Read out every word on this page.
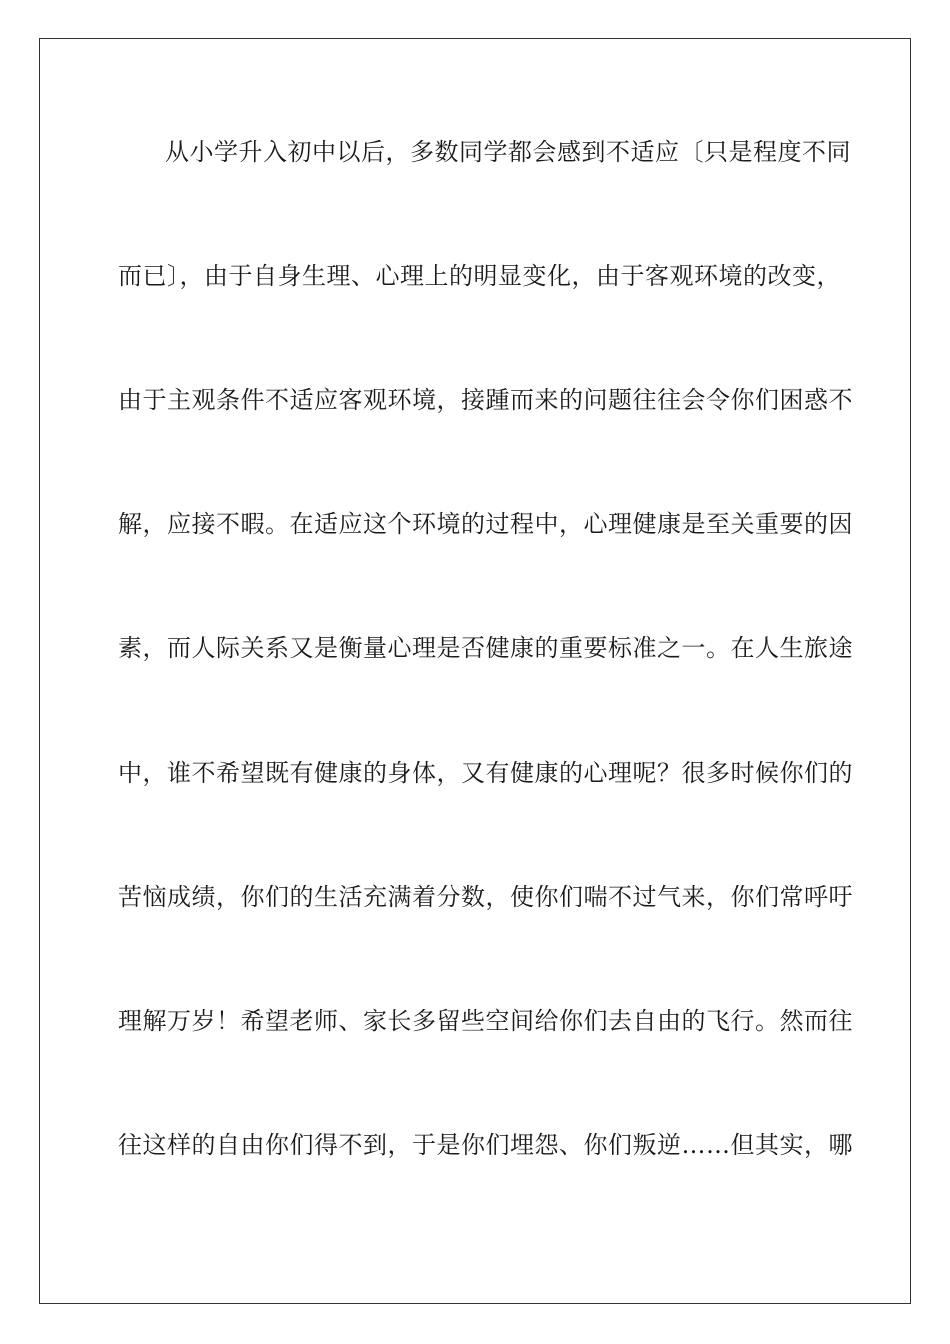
从小学升入初中以后，多数同学都会感到不适应〔只是程度不同
而已〕，由于自身生理、心理上的明显变化，由于客观环境的改变，
由于主观条件不适应客观环境，接踵而来的问题往往会令你们困惑不
解，应接不暇。在适应这个环境的过程中，心理健康是至关重要的因
素，而人际关系又是衡量心理是否健康的重要标准之一。在人生旅途
中，谁不希望既有健康的身体，又有健康的心理呢？很多时候你们的
苦恼成绩，你们的生活充满着分数，使你们喘不过气来，你们常呼吁
理解万岁！希望老师、家长多留些空间给你们去自由的飞行。然而往
往这样的自由你们得不到，于是你们埋怨、你们叛逆……但其实，哪
